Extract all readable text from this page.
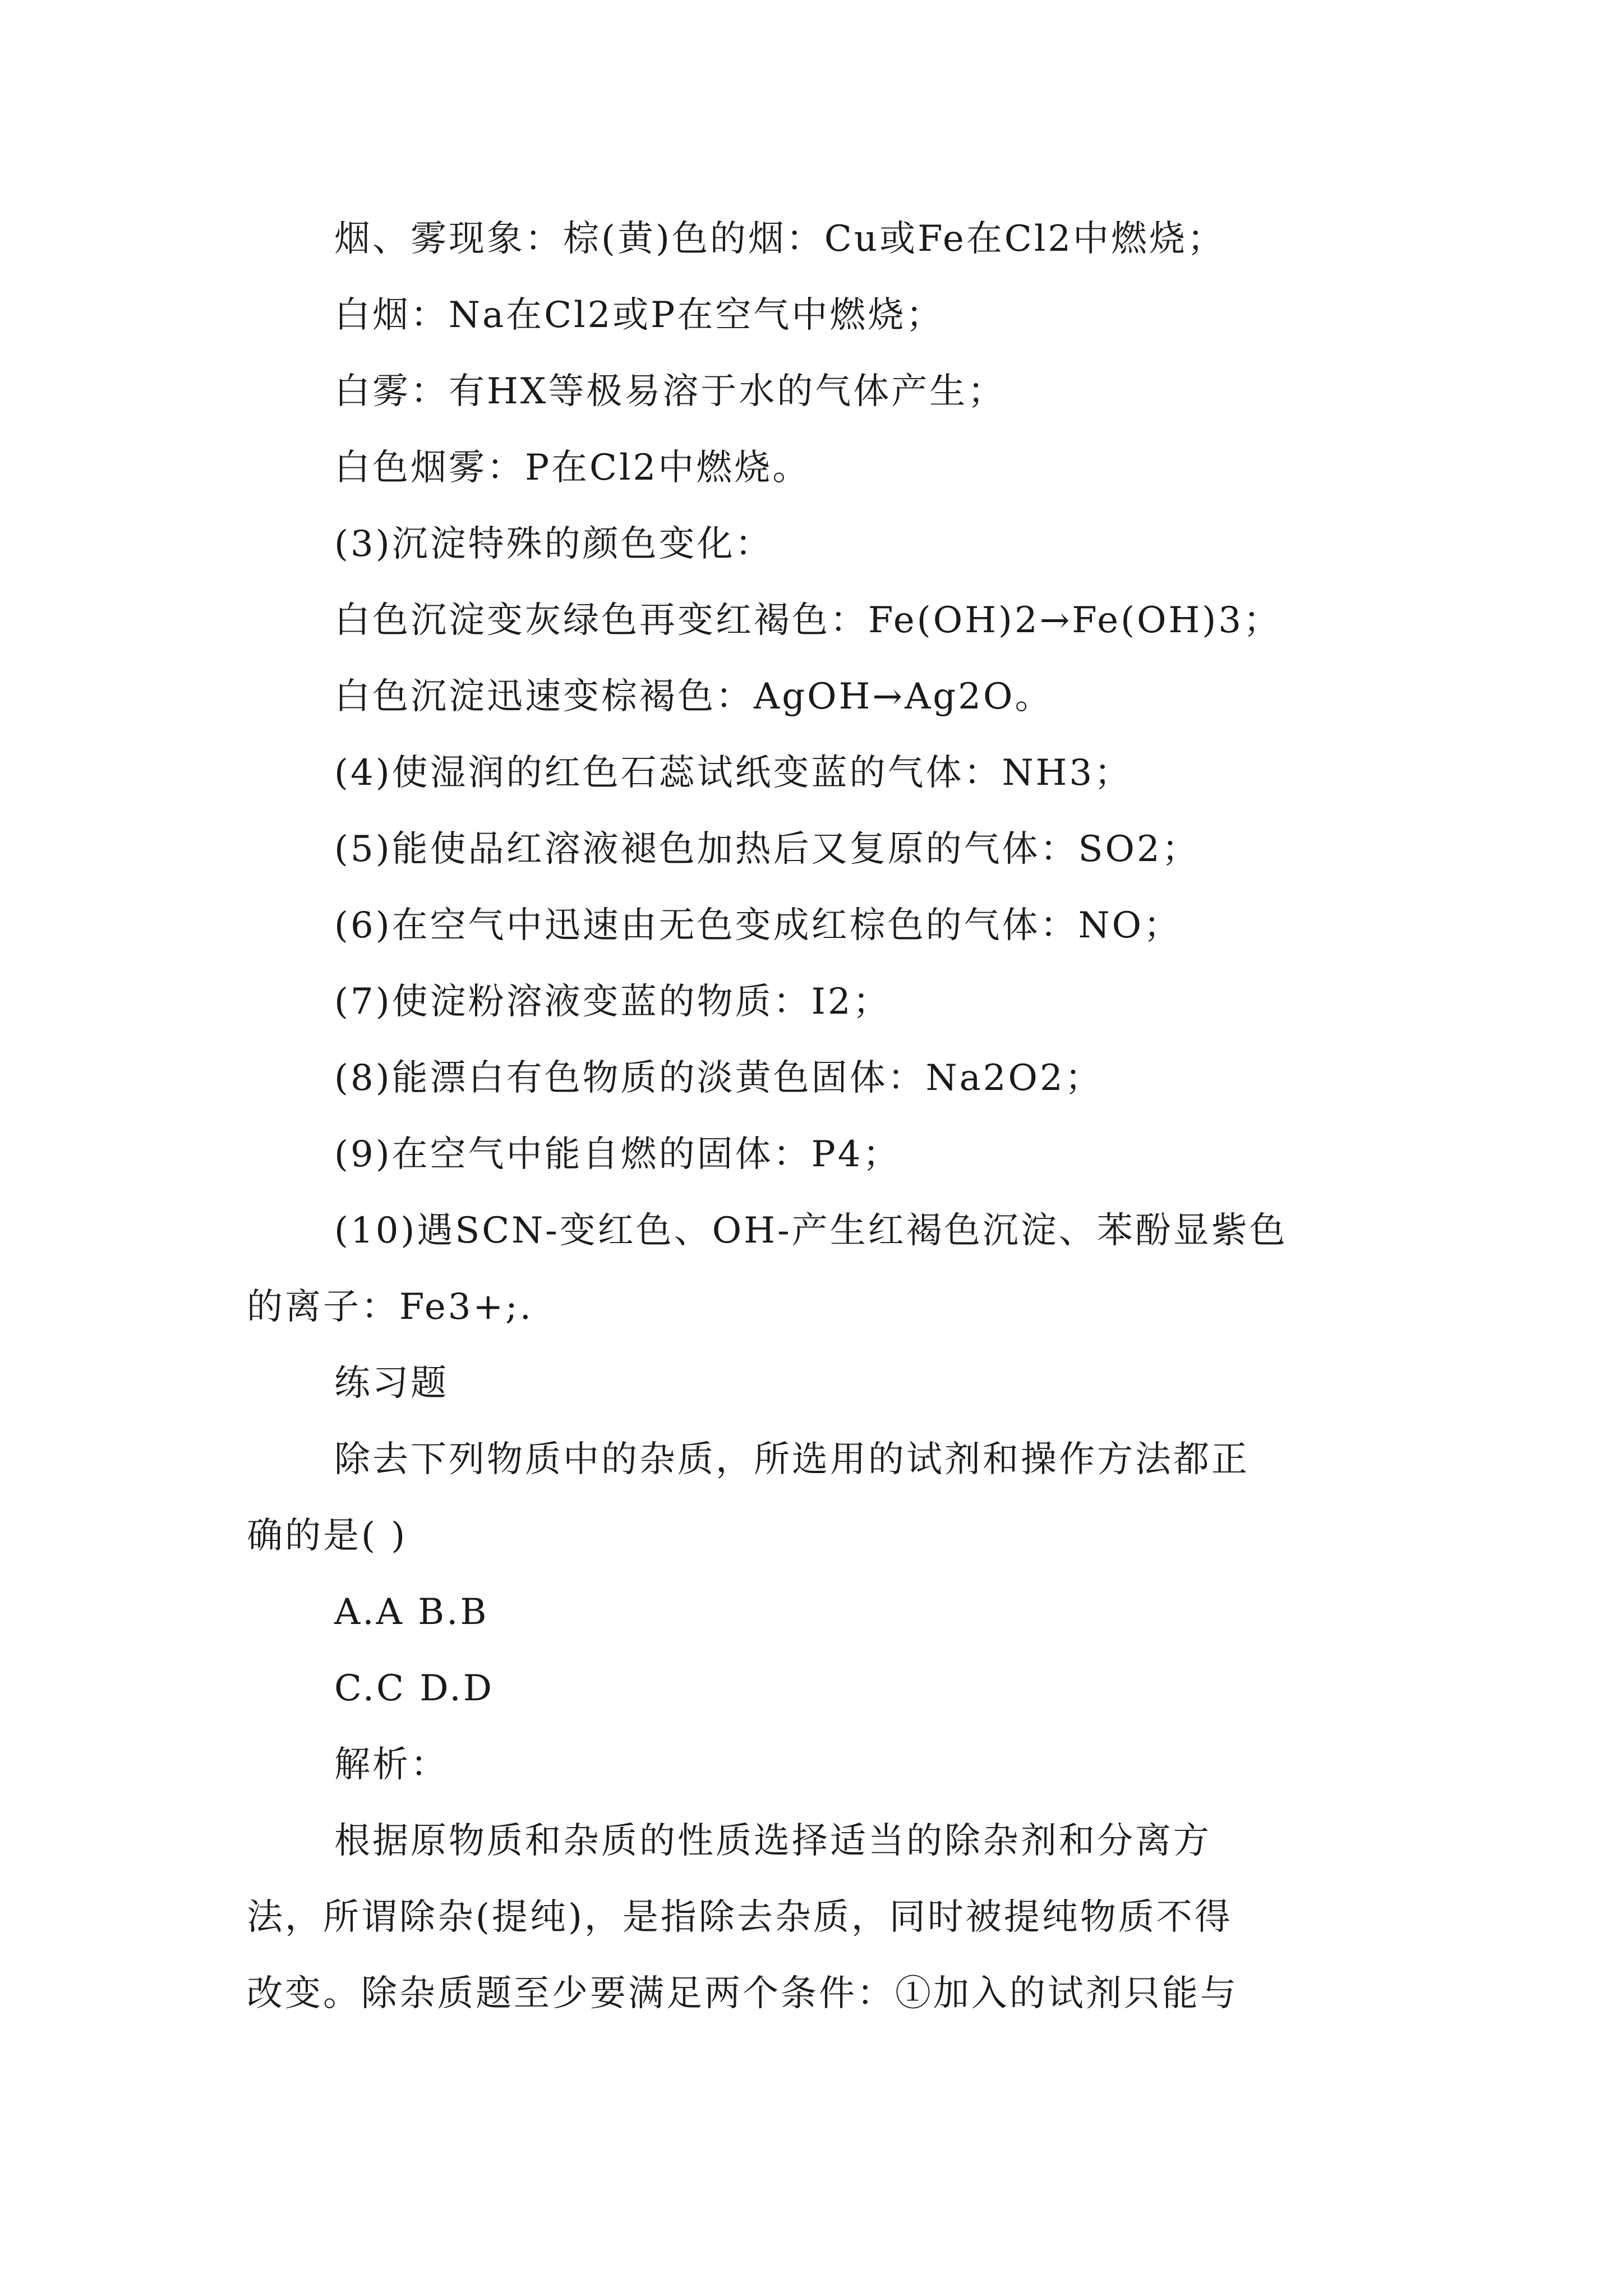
烟、雾现象：棕(黄)色的烟：Cu或Fe在Cl2中燃烧；
白烟：Na在Cl2或P在空气中燃烧；
白雾：有HX等极易溶于水的气体产生；
白色烟雾：P在Cl2中燃烧。
(3)沉淀特殊的颜色变化：
白色沉淀变灰绿色再变红褐色：Fe(OH)2→Fe(OH)3；
白色沉淀迅速变棕褐色：AgOH→Ag2O。
(4)使湿润的红色石蕊试纸变蓝的气体：NH3；
(5)能使品红溶液褪色加热后又复原的气体：SO2；
(6)在空气中迅速由无色变成红棕色的气体：NO；
(7)使淀粉溶液变蓝的物质：I2；
(8)能漂白有色物质的淡黄色固体：Na2O2；
(9)在空气中能自燃的固体：P4；
(10)遇SCN-变红色、OH-产生红褐色沉淀、苯酚显紫色
的离子：Fe3+;.
练习题
除去下列物质中的杂质，所选用的试剂和操作方法都正
确的是( )
A.A B.B
C.C D.D
解析：
根据原物质和杂质的性质选择适当的除杂剂和分离方
法，所谓除杂(提纯)，是指除去杂质，同时被提纯物质不得
改变。除杂质题至少要满足两个条件：①加入的试剂只能与
